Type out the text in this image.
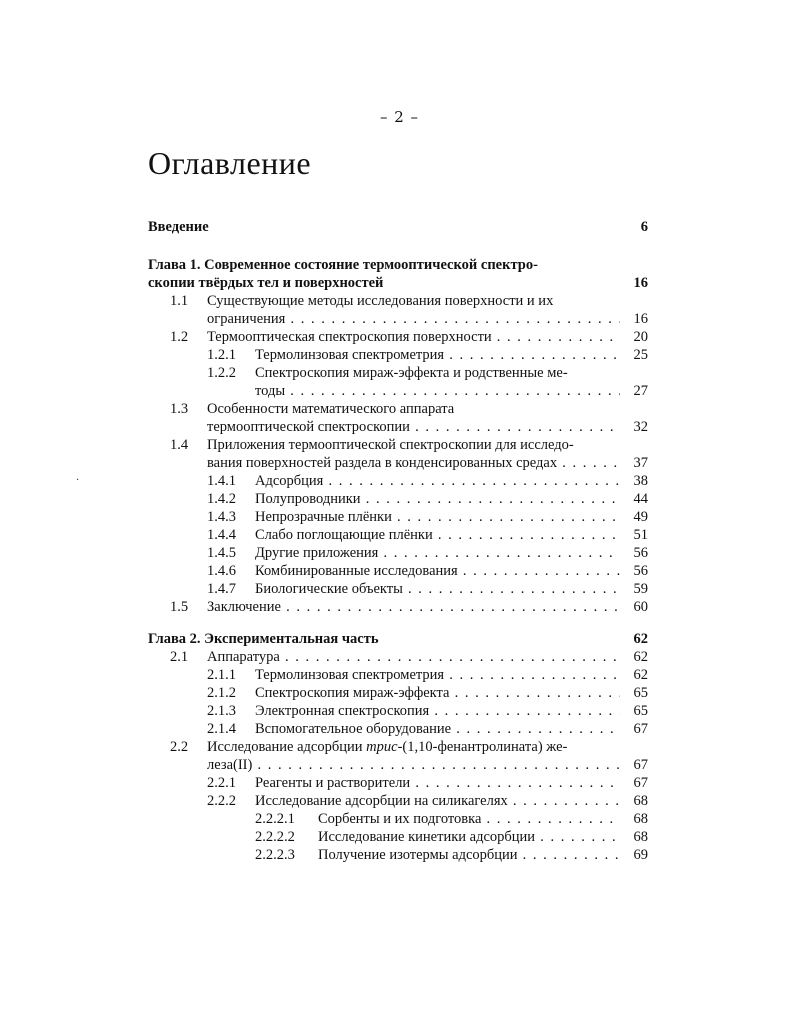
– 2 –
Оглавление
·
Введение	6
Глава 1. Современное состояние термооптической спектро-
скопии твёрдых тел и поверхностей	16
1.1 Существующие методы исследования поверхности и их
ограничения . . .	16
1.2 Термооптическая спектроскопия поверхности . . .	20
1.2.1 Термолинзовая спектрометрия . . .	25
1.2.2 Спектроскопия мираж-эффекта и родственные ме-
тоды . . .	27
1.3 Особенности математического аппарата
термооптической спектроскопии . . .	32
1.4 Приложения термооптической спектроскопии для исследо-
вания поверхностей раздела в конденсированных средах . . .	37
1.4.1 Адсорбция . . .	38
1.4.2 Полупроводники . . .	44
1.4.3 Непрозрачные плёнки . . .	49
1.4.4 Слабо поглощающие плёнки . . .	51
1.4.5 Другие приложения . . .	56
1.4.6 Комбинированные исследования . . .	56
1.4.7 Биологические объекты . . .	59
1.5 Заключение . . .	60
Глава 2. Экспериментальная часть	62
2.1 Аппаратура . . .	62
2.1.1 Термолинзовая спектрометрия . . .	62
2.1.2 Спектроскопия мираж-эффекта . . .	65
2.1.3 Электронная спектроскопия . . .	65
2.1.4 Вспомогательное оборудование . . .	67
2.2 Исследование адсорбции трис-(1,10-фенантролината) же-
леза(II) . . .	67
2.2.1 Реагенты и растворители . . .	67
2.2.2 Исследование адсорбции на силикагелях . . .	68
2.2.2.1 Сорбенты и их подготовка . . .	68
2.2.2.2 Исследование кинетики адсорбции . . .	68
2.2.2.3 Получение изотермы адсорбции . . .	69
